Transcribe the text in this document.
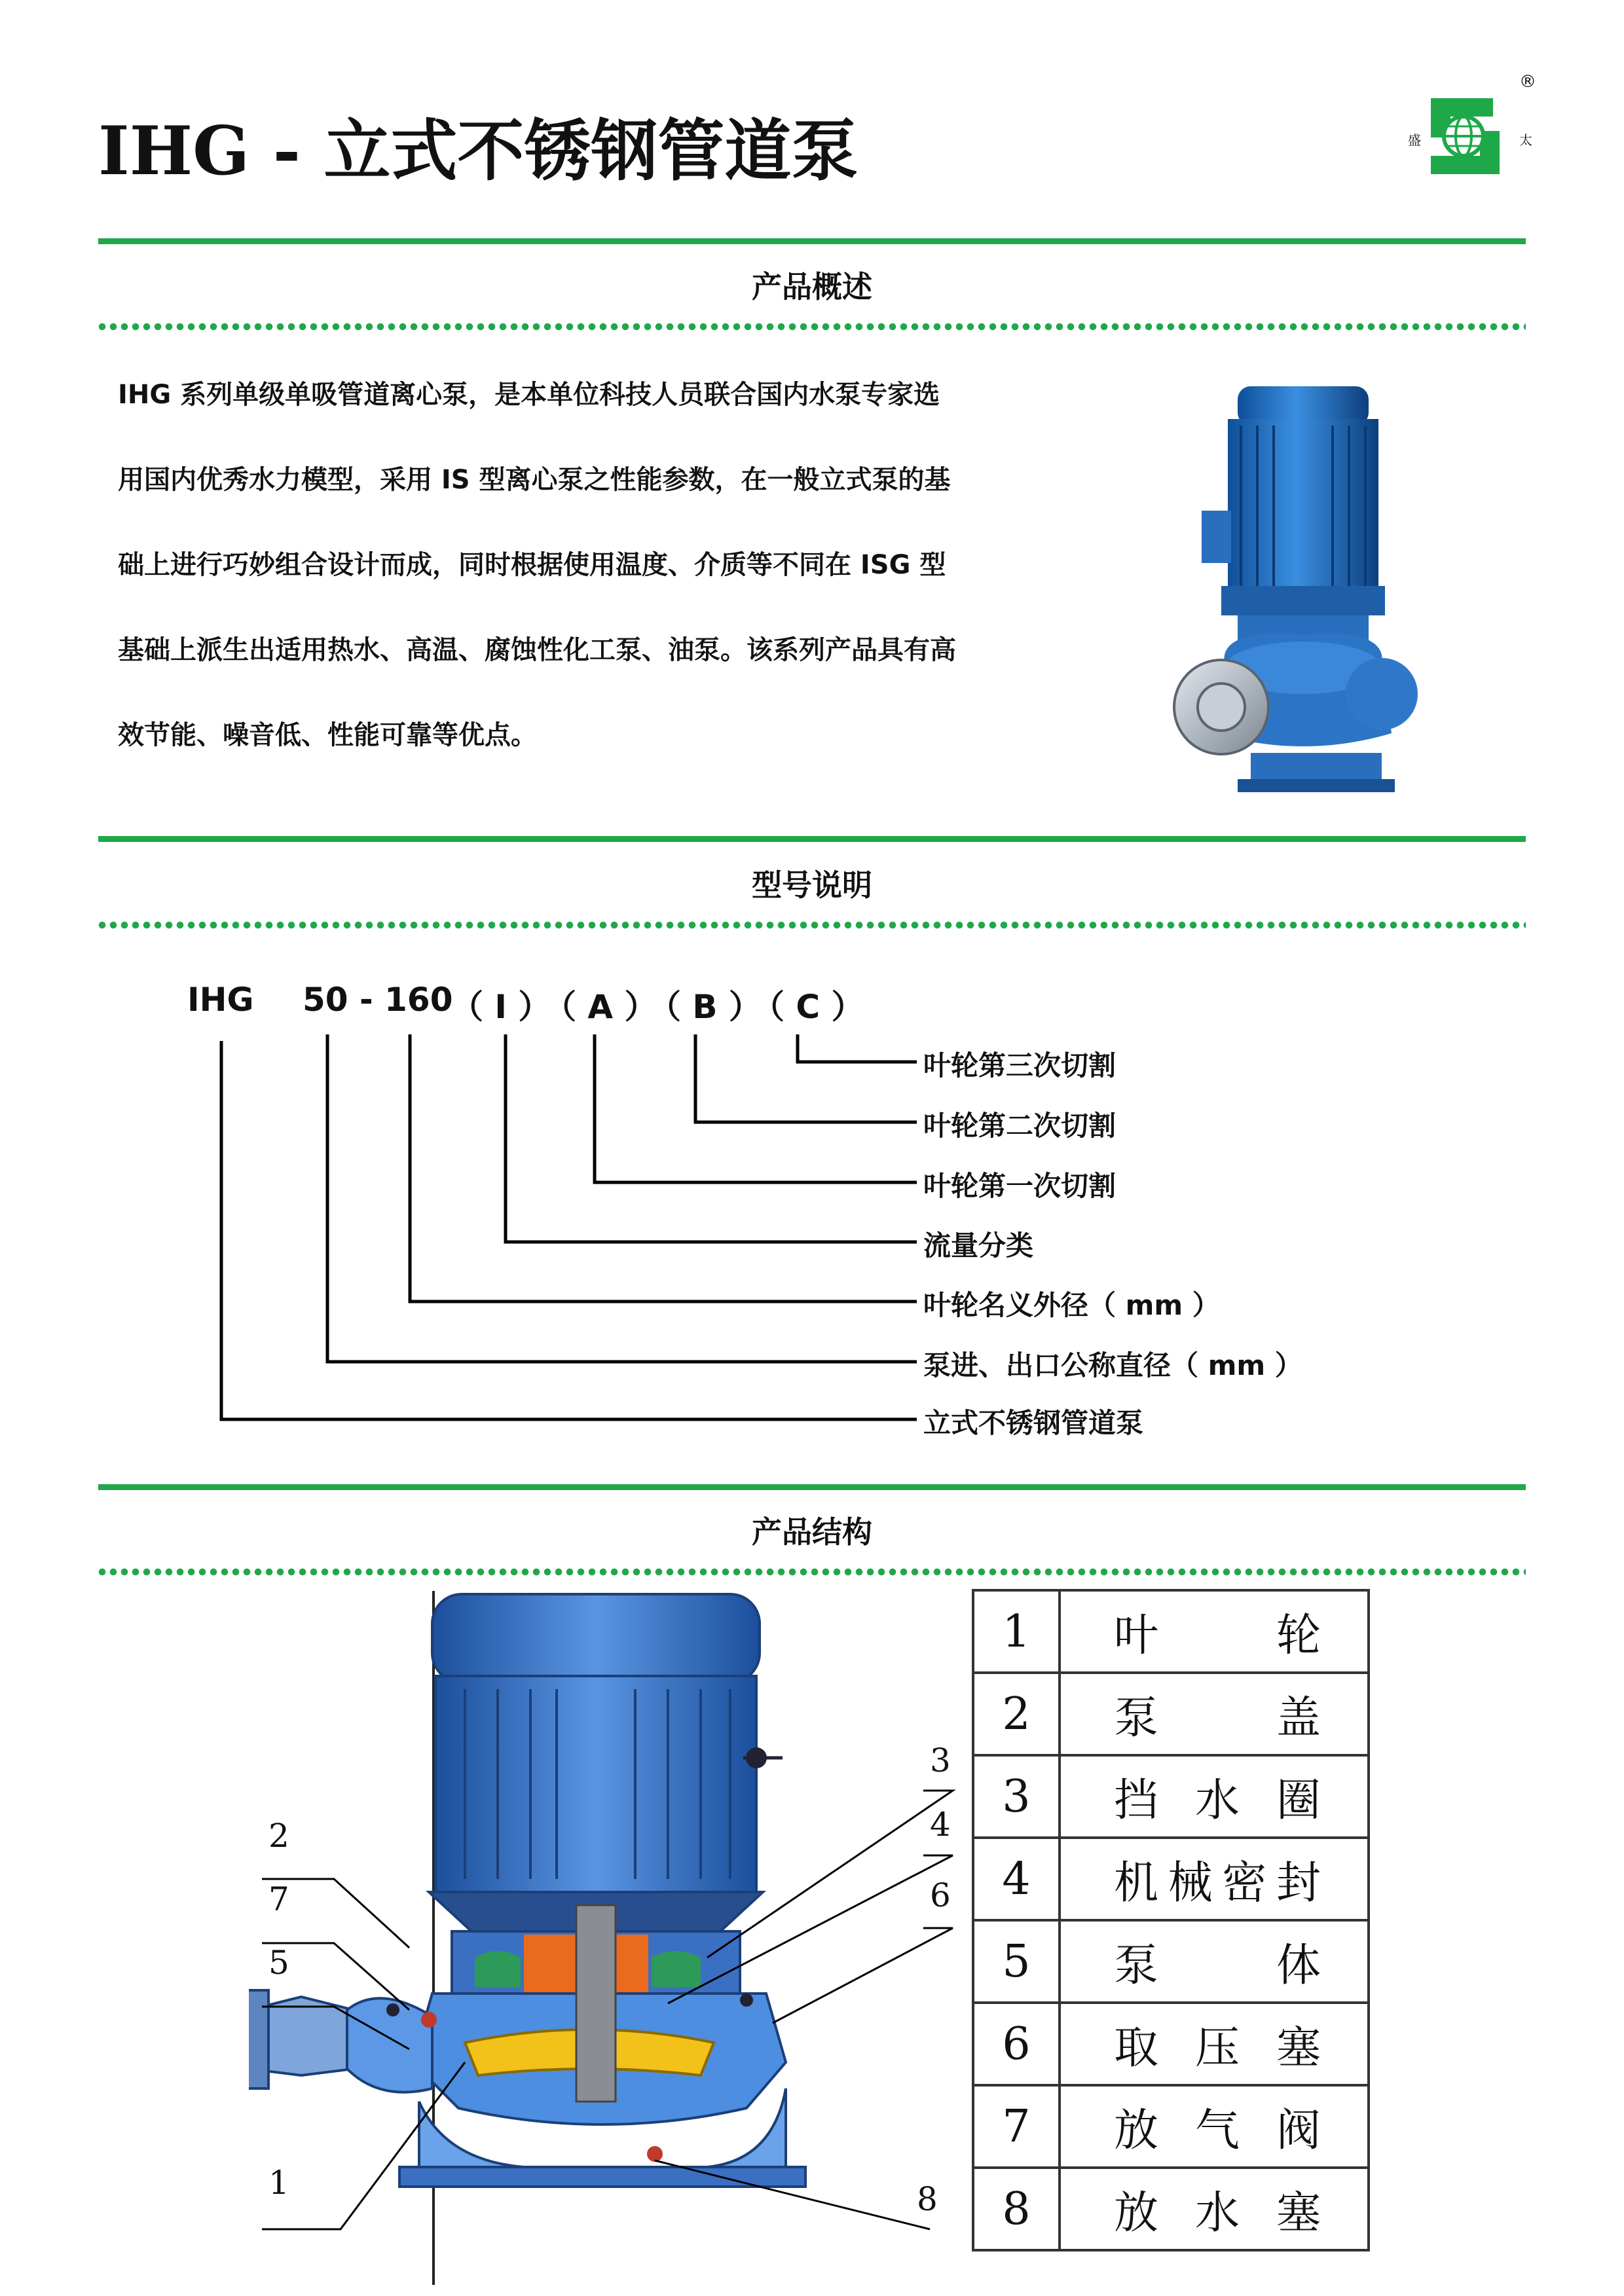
IHG - 立式不锈钢管道泵	盛	太
®
产品概述

IHG 系列单级单吸管道离心泵，是本单位科技人员联合国内水泵专家选

用国内优秀水力模型，采用 IS 型离心泵之性能参数，在一般立式泵的基

础上进行巧妙组合设计而成，同时根据使用温度、介质等不同在 ISG 型

基础上派生出适用热水、高温、腐蚀性化工泵、油泵。该系列产品具有高

效节能、噪音低、性能可靠等优点。

型号说明
IHG 50 - 160
（ I ）
（ A ）
（ B ）
（ C ）
叶轮第三次切割
叶轮第二次切割
叶轮第一次切割
流量分类
叶轮名义外径（ mm ）
泵进、出口公称直径（ mm ）
立式不锈钢管道泵
产品结构
2
7
5
1
3
4
6
8
1	叶 轮

2	泵 盖

3	挡 水 圈

4	机 械 密 封

5	泵 体

6	取 压 塞

7	放 气 阀

8	放 水 塞
